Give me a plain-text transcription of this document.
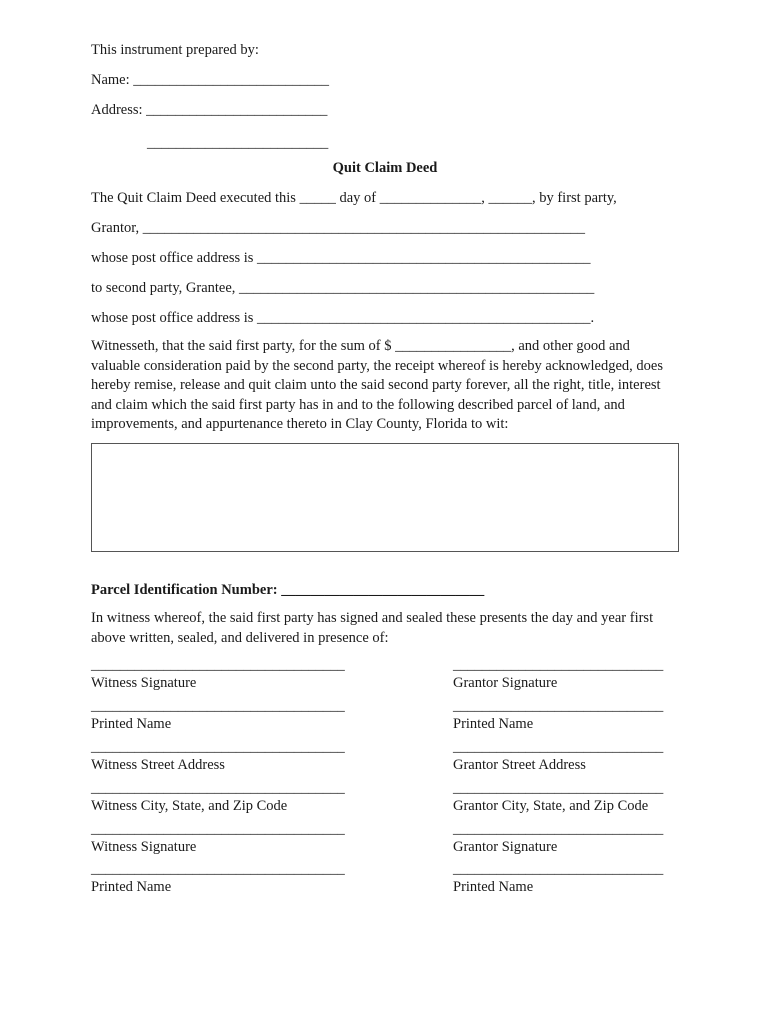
This instrument prepared by:
Name: ___________________________
Address: _________________________
_________________________
Quit Claim Deed
The Quit Claim Deed executed this _____ day of ______________, ______, by first party,
Grantor, _____________________________________________________________
whose post office address is ______________________________________________
to second party, Grantee, _________________________________________________
whose post office address is ______________________________________________.
Witnesseth, that the said first party, for the sum of $ ________________, and other good and valuable consideration paid by the second party, the receipt whereof is hereby acknowledged, does hereby remise, release and quit claim unto the said second party forever, all the right, title, interest and claim which the said first party has in and to the following described parcel of land, and improvements, and appurtenance thereto in Clay County, Florida to wit:
Parcel Identification Number: ____________________________
In witness whereof, the said first party has signed and sealed these presents the day and year first above written, sealed, and delivered in presence of:
___________________________________
Witness Signature
___________________________________
Printed Name
___________________________________
Witness Street Address
___________________________________
Witness City, State, and Zip Code
___________________________________
Witness Signature
___________________________________
Printed Name
_____________________________
Grantor Signature
_____________________________
Printed Name
_____________________________
Grantor Street Address
_____________________________
Grantor City, State, and Zip Code
_____________________________
Grantor Signature
_____________________________
Printed Name
